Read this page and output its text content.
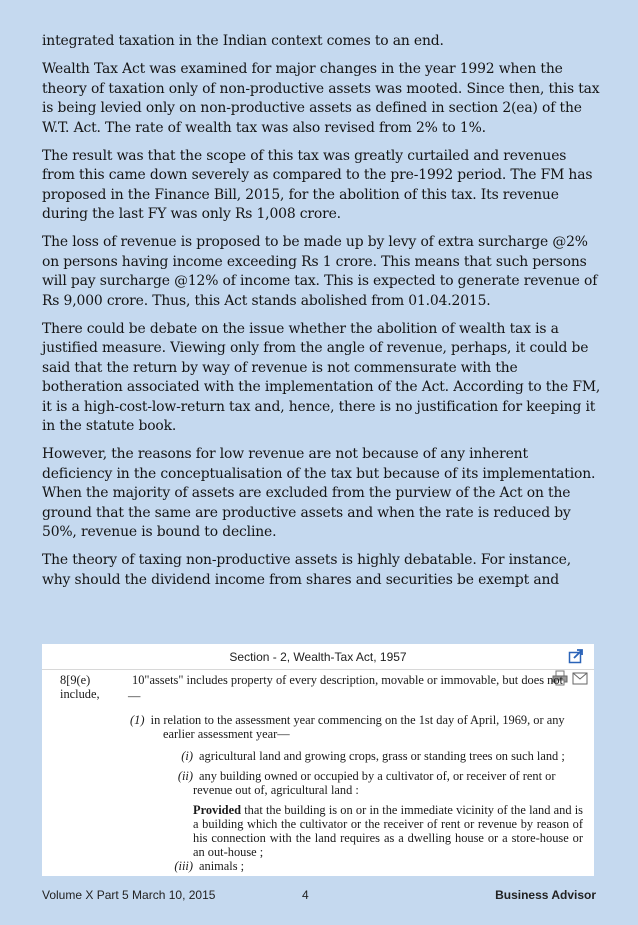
integrated taxation in the Indian context comes to an end.

Wealth Tax Act was examined for major changes in the year 1992 when the theory of taxation only of non-productive assets was mooted. Since then, this tax is being levied only on non-productive assets as defined in section 2(ea) of the W.T. Act. The rate of wealth tax was also revised from 2% to 1%.

The result was that the scope of this tax was greatly curtailed and revenues from this came down severely as compared to the pre-1992 period. The FM has proposed in the Finance Bill, 2015, for the abolition of this tax. Its revenue during the last FY was only Rs 1,008 crore.

The loss of revenue is proposed to be made up by levy of extra surcharge @2% on persons having income exceeding Rs 1 crore. This means that such persons will pay surcharge @12% of income tax. This is expected to generate revenue of Rs 9,000 crore. Thus, this Act stands abolished from 01.04.2015.

There could be debate on the issue whether the abolition of wealth tax is a justified measure. Viewing only from the angle of revenue, perhaps, it could be said that the return by way of revenue is not commensurate with the botheration associated with the implementation of the Act. According to the FM, it is a high-cost-low-return tax and, hence, there is no justification for keeping it in the statute book.

However, the reasons for low revenue are not because of any inherent deficiency in the conceptualisation of the tax but because of its implementation. When the majority of assets are excluded from the purview of the Act on the ground that the same are productive assets and when the rate is reduced by 50%, revenue is bound to decline.

The theory of taxing non-productive assets is highly debatable. For instance, why should the dividend income from shares and securities be exempt and

Section - 2, Wealth-Tax Act, 1957
8[9(e)	10"assets" includes property of every description, movable or immovable, but does not include,	—
(1) in relation to the assessment year commencing on the 1st day of April, 1969, or any
earlier assessment year—
(i) agricultural land and growing crops, grass or standing trees on such land ;
(ii) any building owned or occupied by a cultivator of, or receiver of rent or
revenue out of, agricultural land :
Provided that the building is on or in the immediate vicinity of the land and is a building which the cultivator or the receiver of rent or revenue by reason of his connection with the land requires as a dwelling house or a store-house or an out-house ;
(iii) animals ;
Volume X Part 5 March 10, 2015	4	Business Advisor
